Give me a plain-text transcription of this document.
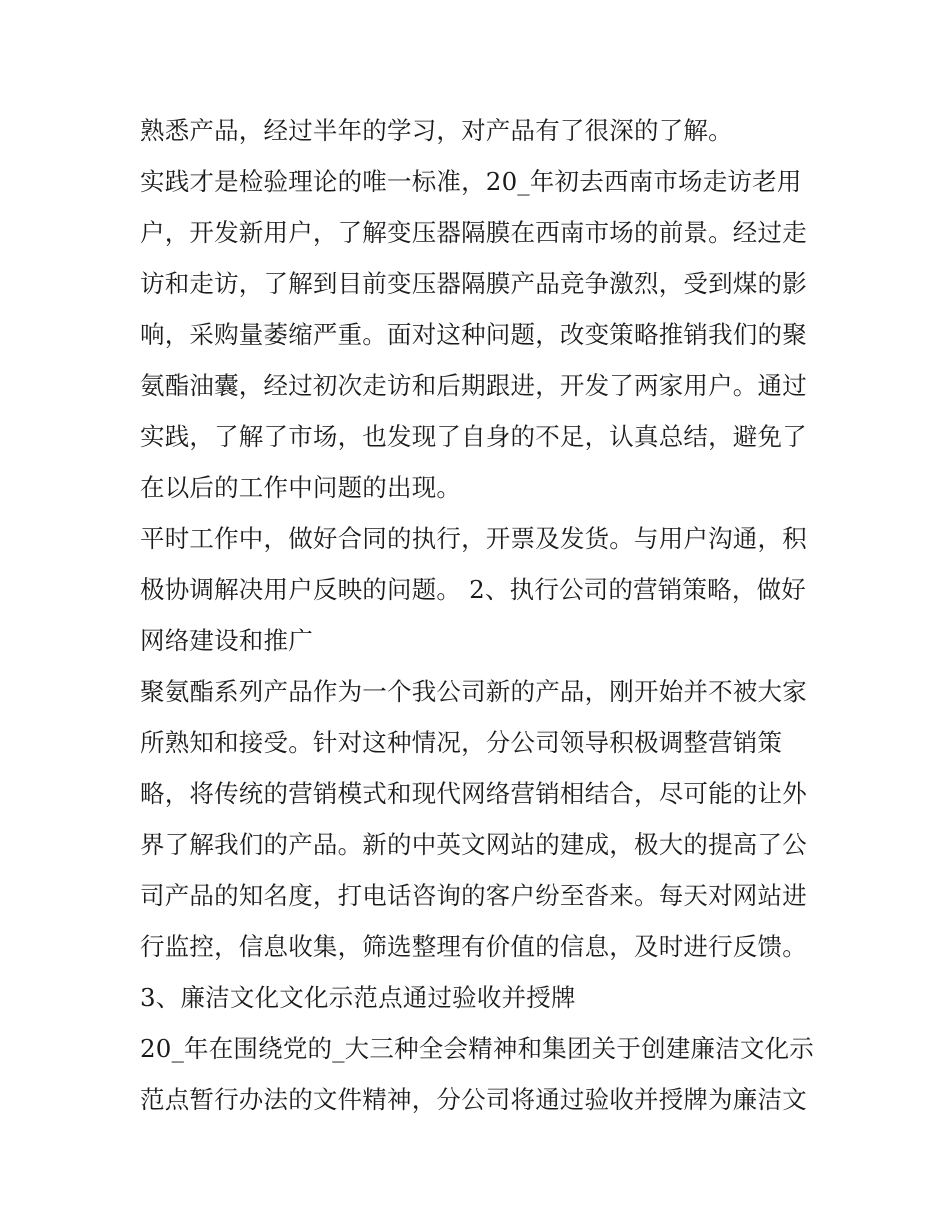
熟悉产品，经过半年的学习，对产品有了很深的了解。
实践才是检验理论的唯一标准，20_年初去西南市场走访老用
户，开发新用户，了解变压器隔膜在西南市场的前景。经过走
访和走访，了解到目前变压器隔膜产品竞争激烈，受到煤的影
响，采购量萎缩严重。面对这种问题，改变策略推销我们的聚
氨酯油囊，经过初次走访和后期跟进，开发了两家用户。通过
实践，了解了市场，也发现了自身的不足，认真总结，避免了
在以后的工作中问题的出现。
平时工作中，做好合同的执行，开票及发货。与用户沟通，积
极协调解决用户反映的问题。 2、执行公司的营销策略，做好
网络建设和推广
聚氨酯系列产品作为一个我公司新的产品，刚开始并不被大家
所熟知和接受。针对这种情况，分公司领导积极调整营销策
略，将传统的营销模式和现代网络营销相结合，尽可能的让外
界了解我们的产品。新的中英文网站的建成，极大的提高了公
司产品的知名度，打电话咨询的客户纷至沓来。每天对网站进
行监控，信息收集，筛选整理有价值的信息，及时进行反馈。
3、廉洁文化文化示范点通过验收并授牌
20_年在围绕党的_大三种全会精神和集团关于创建廉洁文化示
范点暂行办法的文件精神，分公司将通过验收并授牌为廉洁文
